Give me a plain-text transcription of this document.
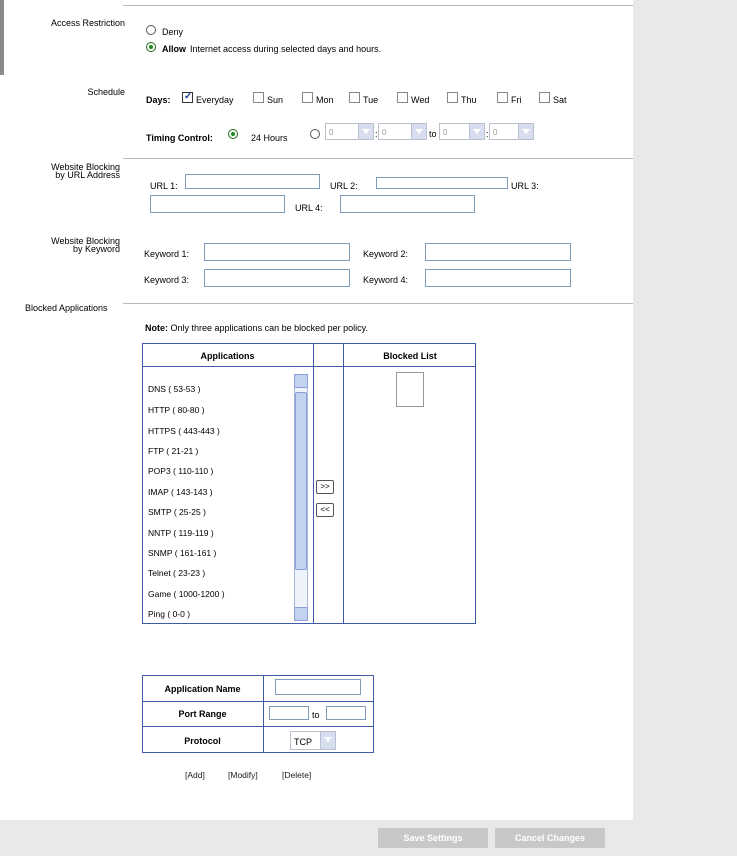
Access Restriction
Deny
Allow Internet access during selected days and hours.
Schedule
Days:
✓	Everyday	Sun	Mon	Tue	Wed	Thu	Fri	Sat
Timing Control:	24 Hours
0	: 0	to 0	: 0
Website Blocking
by URL Address
URL 1:	URL 2:	URL 3:
URL 4:
Website Blocking
by Keyword	Keyword 1:	Keyword 2:
Keyword 3:	Keyword 4:
Blocked Applications
Note: Only three applications can be blocked per policy.
Applications	Blocked List
DNS ( 53-53 )
HTTP ( 80-80 )
HTTPS ( 443-443 )
FTP ( 21-21 )
POP3 ( 110-110 )
IMAP ( 143-143 )
SMTP ( 25-25 )
NNTP ( 119-119 )
SNMP ( 161-161 )
Telnet ( 23-23 )
Game ( 1000-1200 )
Ping ( 0-0 )
>>
<<
Application Name
Port Range	to
Protocol	TCP
[Add]	[Modify]	[Delete]
Save Settings	Cancel Changes
